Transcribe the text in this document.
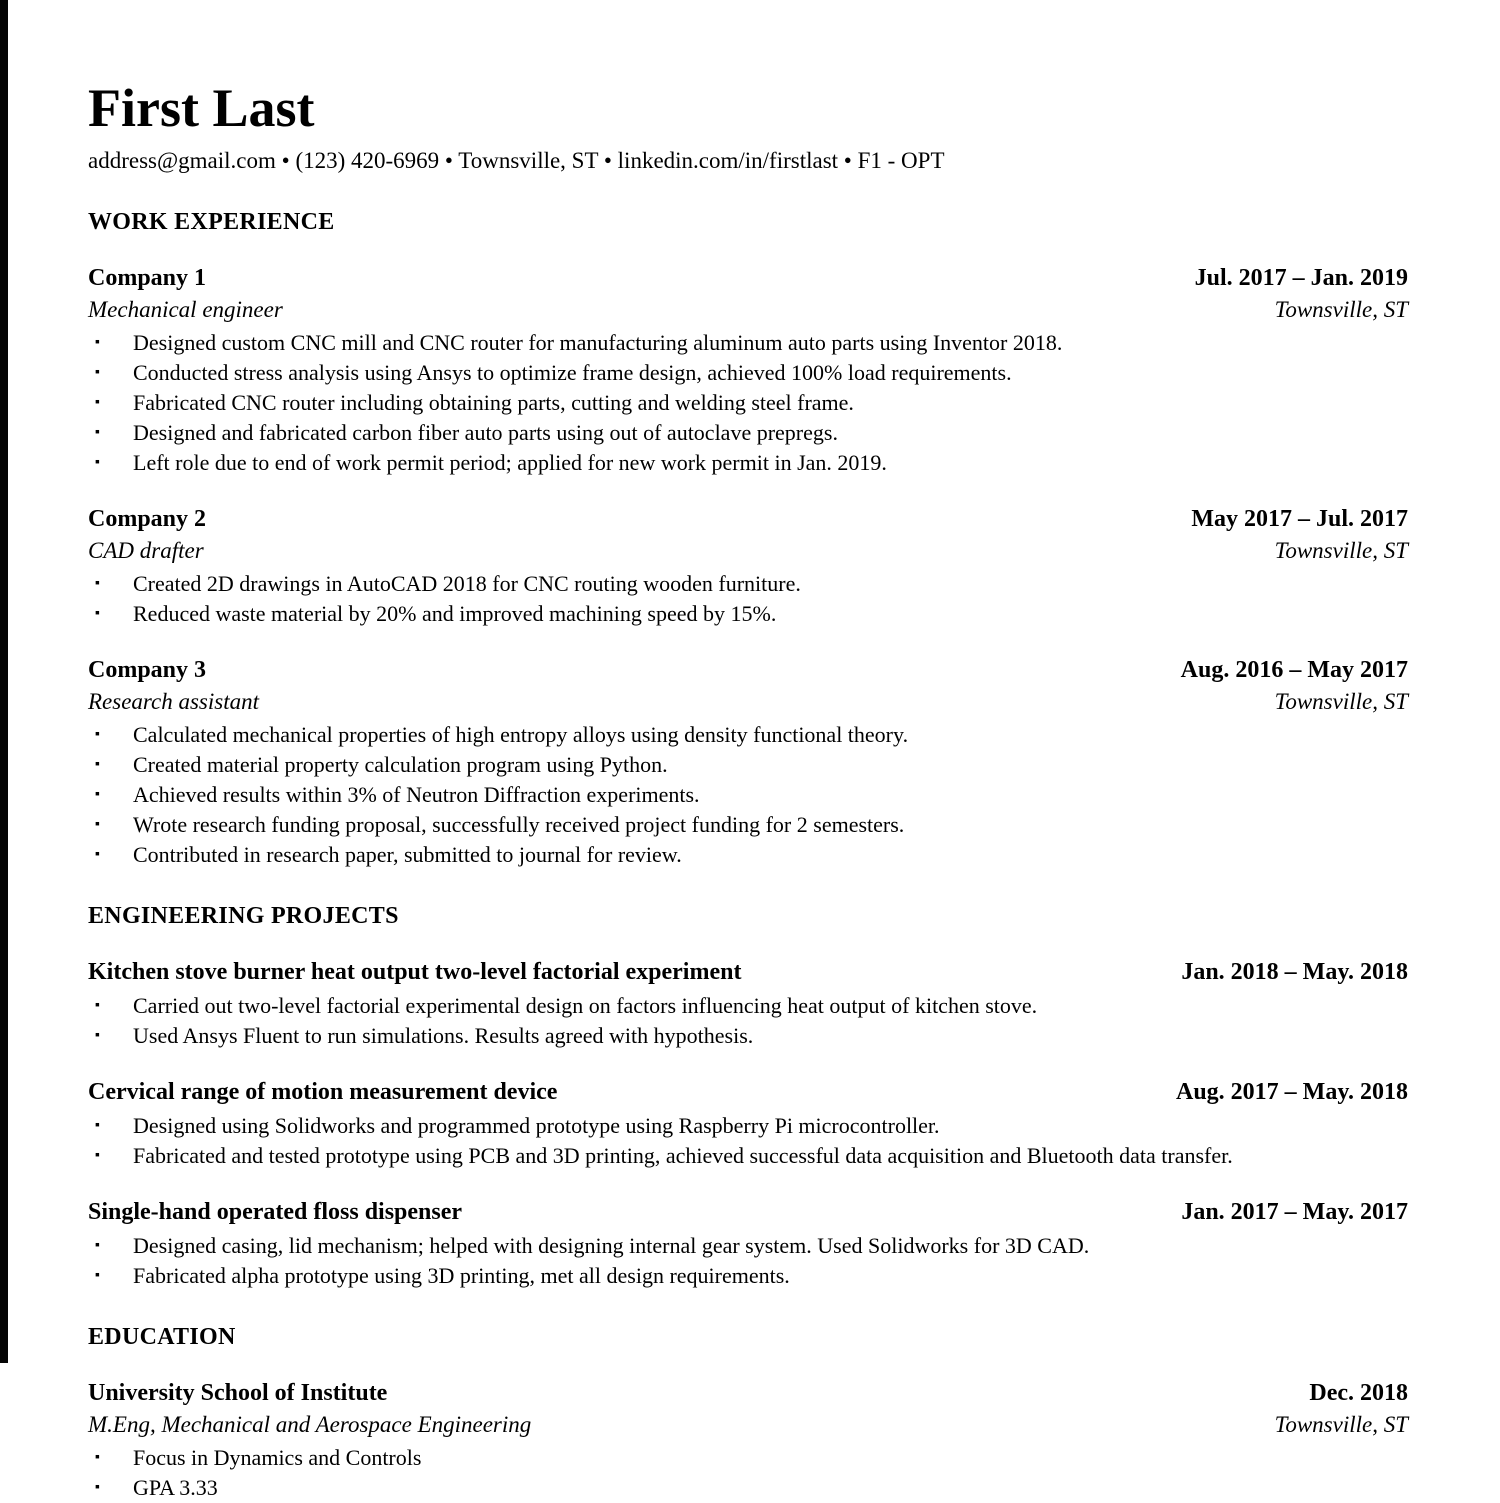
First Last
address@gmail.com • (123) 420-6969 • Townsville, ST • linkedin.com/in/firstlast • F1 - OPT
WORK EXPERIENCE
Company 1	Jul. 2017 – Jan. 2019
Mechanical engineer	Townsville, ST
▪	Designed custom CNC mill and CNC router for manufacturing aluminum auto parts using Inventor 2018.
▪	Conducted stress analysis using Ansys to optimize frame design, achieved 100% load requirements.
▪	Fabricated CNC router including obtaining parts, cutting and welding steel frame.
▪	Designed and fabricated carbon fiber auto parts using out of autoclave prepregs.
▪	Left role due to end of work permit period; applied for new work permit in Jan. 2019.
Company 2	May 2017 – Jul. 2017
CAD drafter	Townsville, ST
▪	Created 2D drawings in AutoCAD 2018 for CNC routing wooden furniture.
▪	Reduced waste material by 20% and improved machining speed by 15%.
Company 3	Aug. 2016 – May 2017
Research assistant	Townsville, ST
▪	Calculated mechanical properties of high entropy alloys using density functional theory.
▪	Created material property calculation program using Python.
▪	Achieved results within 3% of Neutron Diffraction experiments.
▪	Wrote research funding proposal, successfully received project funding for 2 semesters.
▪	Contributed in research paper, submitted to journal for review.
ENGINEERING PROJECTS
Kitchen stove burner heat output two-level factorial experiment	Jan. 2018 – May. 2018
▪	Carried out two-level factorial experimental design on factors influencing heat output of kitchen stove.
▪	Used Ansys Fluent to run simulations. Results agreed with hypothesis.
Cervical range of motion measurement device	Aug. 2017 – May. 2018
▪	Designed using Solidworks and programmed prototype using Raspberry Pi microcontroller.
▪	Fabricated and tested prototype using PCB and 3D printing, achieved successful data acquisition and Bluetooth data transfer.
Single-hand operated floss dispenser	Jan. 2017 – May. 2017
▪	Designed casing, lid mechanism; helped with designing internal gear system. Used Solidworks for 3D CAD.
▪	Fabricated alpha prototype using 3D printing, met all design requirements.
EDUCATION
University School of Institute	Dec. 2018
M.Eng, Mechanical and Aerospace Engineering	Townsville, ST
▪	Focus in Dynamics and Controls
▪	GPA 3.33
